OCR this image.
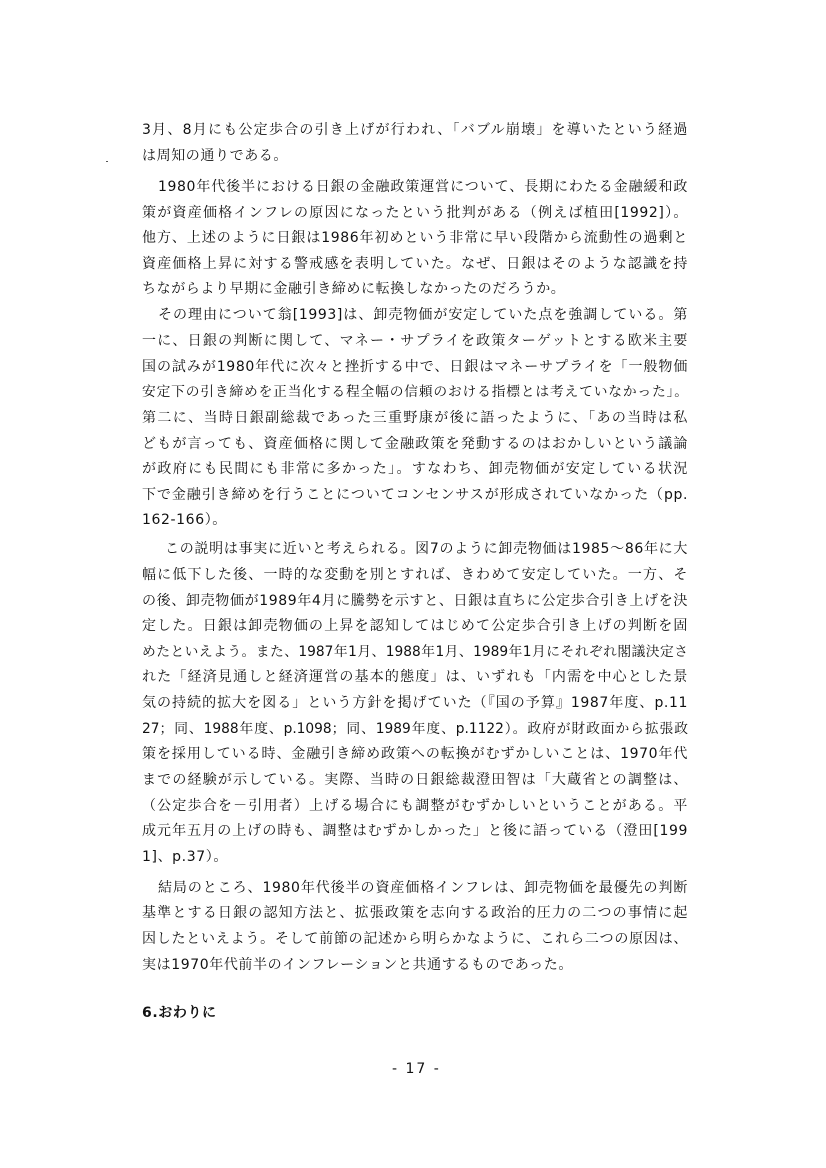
3月、8月にも公定歩合の引き上げが行われ、「バブル崩壊」を導いたという経過
は周知の通りである。
1980年代後半における日銀の金融政策運営について、長期にわたる金融緩和政
策が資産価格インフレの原因になったという批判がある（例えば植田[1992]）。
他方、上述のように日銀は1986年初めという非常に早い段階から流動性の過剰と
資産価格上昇に対する警戒感を表明していた。なぜ、日銀はそのような認識を持
ちながらより早期に金融引き締めに転換しなかったのだろうか。
その理由について翁[1993]は、卸売物価が安定していた点を強調している。第
一に、日銀の判断に関して、マネー・サプライを政策ターゲットとする欧米主要
国の試みが1980年代に次々と挫折する中で、日銀はマネーサプライを「一般物価
安定下の引き締めを正当化する程全幅の信頼のおける指標とは考えていなかった」。
第二に、当時日銀副総裁であった三重野康が後に語ったように、「あの当時は私
どもが言っても、資産価格に関して金融政策を発動するのはおかしいという議論
が政府にも民間にも非常に多かった」。すなわち、卸売物価が安定している状況
下で金融引き締めを行うことについてコンセンサスが形成されていなかった（pp.
162-166）。
この説明は事実に近いと考えられる。図7のように卸売物価は1985～86年に大
幅に低下した後、一時的な変動を別とすれば、きわめて安定していた。一方、そ
の後、卸売物価が1989年4月に騰勢を示すと、日銀は直ちに公定歩合引き上げを決
定した。日銀は卸売物価の上昇を認知してはじめて公定歩合引き上げの判断を固
めたといえよう。また、1987年1月、1988年1月、1989年1月にそれぞれ閣議決定さ
れた「経済見通しと経済運営の基本的態度」は、いずれも「内需を中心とした景
気の持続的拡大を図る」という方針を掲げていた（『国の予算』1987年度、p.11
27；同、1988年度、p.1098；同、1989年度、p.1122）。政府が財政面から拡張政
策を採用している時、金融引き締め政策への転換がむずかしいことは、1970年代
までの経験が示している。実際、当時の日銀総裁澄田智は「大蔵省との調整は、
（公定歩合を－引用者）上げる場合にも調整がむずかしいということがある。平
成元年五月の上げの時も、調整はむずかしかった」と後に語っている（澄田[199
1]、p.37）。
結局のところ、1980年代後半の資産価格インフレは、卸売物価を最優先の判断
基準とする日銀の認知方法と、拡張政策を志向する政治的圧力の二つの事情に起
因したといえよう。そして前節の記述から明らかなように、これら二つの原因は、
実は1970年代前半のインフレーションと共通するものであった。
6.おわりに
- 17 -
